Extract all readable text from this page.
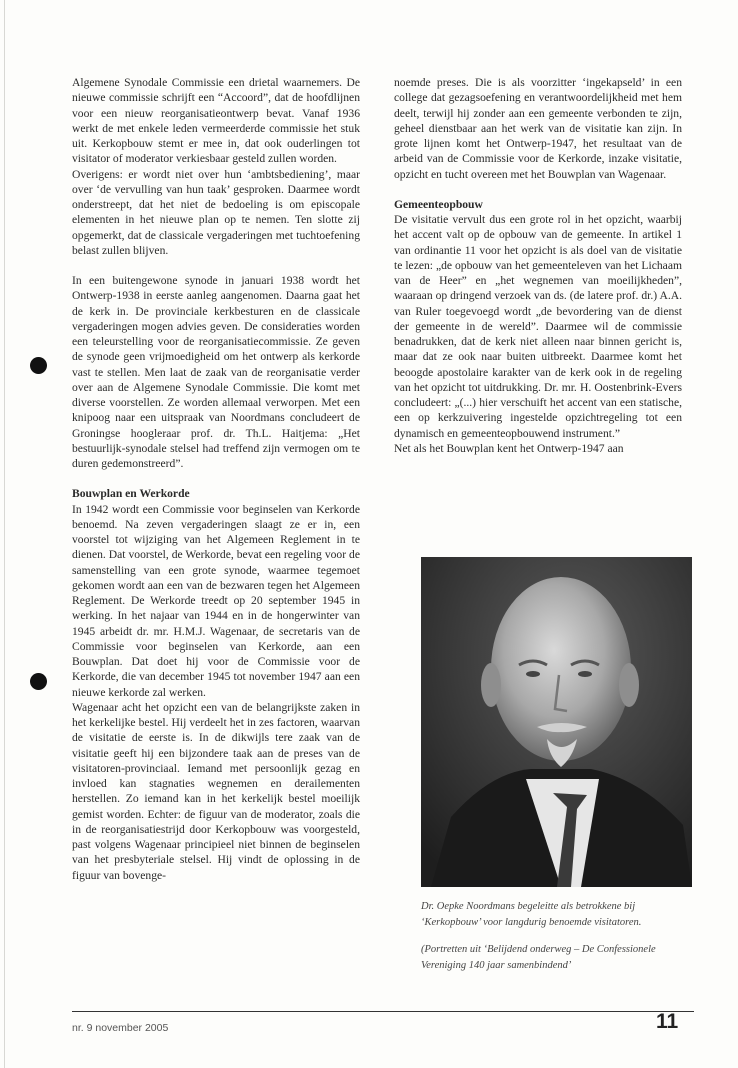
Algemene Synodale Commissie een drietal waarnemers. De nieuwe commissie schrijft een “Accoord”, dat de hoofdlijnen voor een nieuw reorganisatieontwerp bevat. Vanaf 1936 werkt de met enkele leden vermeerderde commissie het stuk uit. Kerkopbouw stemt er mee in, dat ook ouderlingen tot visitator of moderator verkiesbaar gesteld zullen worden.

Overigens: er wordt niet over hun ‘ambtsbediening’, maar over ‘de vervulling van hun taak’ gesproken. Daarmee wordt onderstreept, dat het niet de bedoeling is om episcopale elementen in het nieuwe plan op te nemen. Ten slotte zij opgemerkt, dat de classicale vergaderingen met tuchtoefening belast zullen blijven.

In een buitengewone synode in januari 1938 wordt het Ontwerp-1938 in eerste aanleg aangenomen. Daarna gaat het de kerk in. De provinciale kerkbesturen en de classicale vergaderingen mogen advies geven. De consideraties worden een teleurstelling voor de reorganisatiecommissie. Ze geven de synode geen vrijmoedigheid om het ontwerp als kerkorde vast te stellen. Men laat de zaak van de reorganisatie verder over aan de Algemene Synodale Commissie. Die komt met diverse voorstellen. Ze worden allemaal verworpen. Met een knipoog naar een uitspraak van Noordmans concludeert de Groningse hoogleraar prof. dr. Th.L. Haitjema: „Het bestuurlijk-synodale stelsel had treffend zijn vermogen om te duren gedemonstreerd”.

Bouwplan en Werkorde

In 1942 wordt een Commissie voor beginselen van Kerkorde benoemd. Na zeven vergaderingen slaagt ze er in, een voorstel tot wijziging van het Algemeen Reglement in te dienen. Dat voorstel, de Werkorde, bevat een regeling voor de samenstelling van een grote synode, waarmee tegemoet gekomen wordt aan een van de bezwaren tegen het Algemeen Reglement. De Werkorde treedt op 20 september 1945 in werking. In het najaar van 1944 en in de hongerwinter van 1945 arbeidt dr. mr. H.M.J. Wagenaar, de secretaris van de Commissie voor beginselen van Kerkorde, aan een Bouwplan. Dat doet hij voor de Commissie voor de Kerkorde, die van december 1945 tot november 1947 aan een nieuwe kerkorde zal werken.

Wagenaar acht het opzicht een van de belangrijkste zaken in het kerkelijke bestel. Hij verdeelt het in zes factoren, waarvan de visitatie de eerste is. In de dikwijls tere zaak van de visitatie geeft hij een bijzondere taak aan de preses van de visitatoren-provinciaal. Iemand met persoonlijk gezag en invloed kan stagnaties wegnemen en derailementen herstellen. Zo iemand kan in het kerkelijk bestel moeilijk gemist worden. Echter: de figuur van de moderator, zoals die in de reorganisatiestrijd door Kerkopbouw was voorgesteld, past volgens Wagenaar principieel niet binnen de beginselen van het presbyteriale stelsel. Hij vindt de oplossing in de figuur van bovenge-

noemde preses. Die is als voorzitter ‘ingekapseld’ in een college dat gezagsoefening en verantwoordelijkheid met hem deelt, terwijl hij zonder aan een gemeente verbonden te zijn, geheel dienstbaar aan het werk van de visitatie kan zijn. In grote lijnen komt het Ontwerp-1947, het resultaat van de arbeid van de Commissie voor de Kerkorde, inzake visitatie, opzicht en tucht overeen met het Bouwplan van Wagenaar.

Gemeenteopbouw

De visitatie vervult dus een grote rol in het opzicht, waarbij het accent valt op de opbouw van de gemeente. In artikel 1 van ordinantie 11 voor het opzicht is als doel van de visitatie te lezen: „de opbouw van het gemeenteleven van het Lichaam van de Heer” en „het wegnemen van moeilijkheden”, waaraan op dringend verzoek van ds. (de latere prof. dr.) A.A. van Ruler toegevoegd wordt „de bevordering van de dienst der gemeente in de wereld”. Daarmee wil de commissie benadrukken, dat de kerk niet alleen naar binnen gericht is, maar dat ze ook naar buiten uitbreekt. Daarmee komt het beoogde apostolaire karakter van de kerk ook in de regeling van het opzicht tot uitdrukking. Dr. mr. H. Oostenbrink-Evers concludeert: „(...) hier verschuift het accent van een statische, een op kerkzuivering ingestelde opzichtregeling tot een dynamisch en gemeenteopbouwend instrument.”

Net als het Bouwplan kent het Ontwerp-1947 aan

Dr. Oepke Noordmans begeleitte als betrokkene bij ‘Kerkopbouw’ voor langdurig benoemde visitatoren.

(Portretten uit ‘Belijdend onderweg – De Confessionele Vereniging 140 jaar samenbindend’

nr. 9 november 2005	11
